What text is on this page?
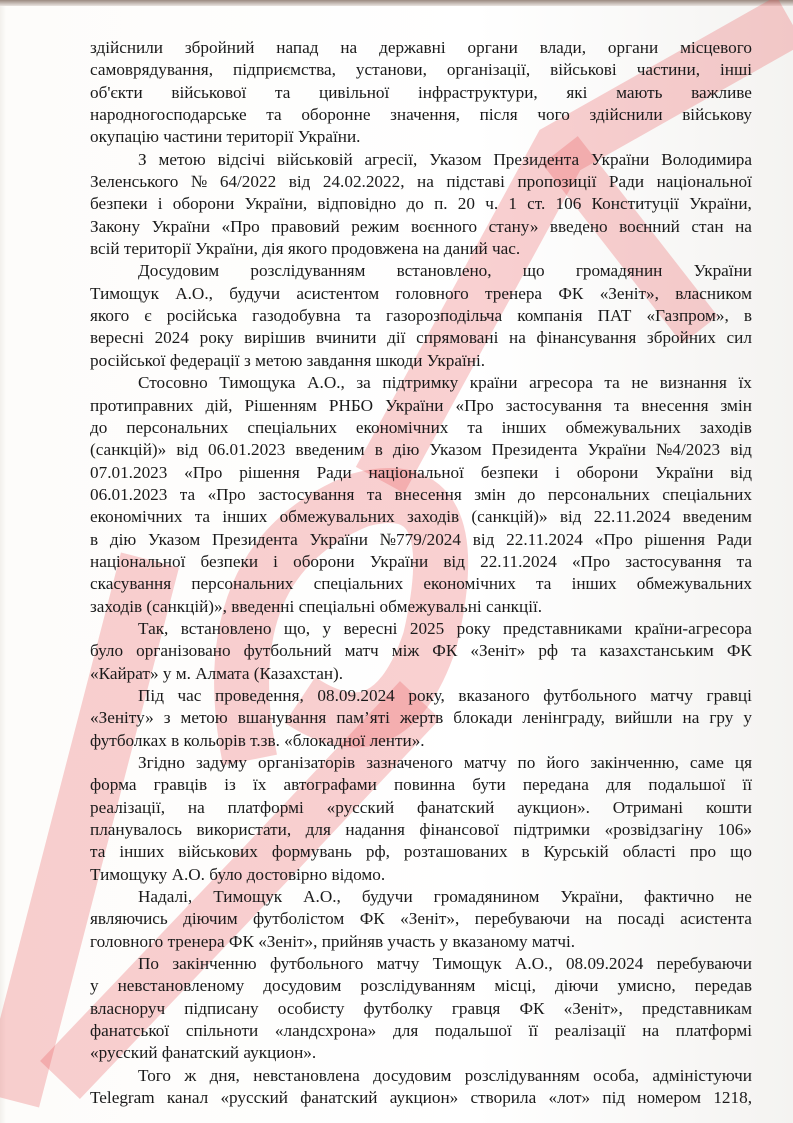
здійснили збройний напад на державні органи влади, органи місцевого
самоврядування, підприємства, установи, організації, військові частини, інші
об'єкти військової та цивільної інфраструктури, які мають важливе
народногосподарське та оборонне значення, після чого здійснили військову
окупацію частини території України.
З метою відсічі військовій агресії, Указом Президента України Володимира
Зеленського № 64/2022 від 24.02.2022, на підставі пропозиції Ради національної
безпеки і оборони України, відповідно до п. 20 ч. 1 ст. 106 Конституції України,
Закону України «Про правовий режим воєнного стану» введено воєнний стан на
всій території України, дія якого продовжена на даний час.
Досудовим розслідуванням встановлено, що громадянин України
Тимощук А.О., будучи асистентом головного тренера ФК «Зеніт», власником
якого є російська газодобувна та газорозподільча компанія ПАТ «Газпром», в
вересні 2024 року вирішив вчинити дії спрямовані на фінансування збройних сил
російської федерації з метою завдання шкоди Україні.
Стосовно Тимощука А.О., за підтримку країни агресора та не визнання їх
протиправних дій, Рішенням РНБО України «Про застосування та внесення змін
до персональних спеціальних економічних та інших обмежувальних заходів
(санкцій)» від 06.01.2023 введеним в дію Указом Президента України №4/2023 від
07.01.2023 «Про рішення Ради національної безпеки і оборони України від
06.01.2023 та «Про застосування та внесення змін до персональних спеціальних
економічних та інших обмежувальних заходів (санкцій)» від 22.11.2024 введеним
в дію Указом Президента України №779/2024 від 22.11.2024 «Про рішення Ради
національної безпеки і оборони України від 22.11.2024 «Про застосування та
скасування персональних спеціальних економічних та інших обмежувальних
заходів (санкцій)», введенні спеціальні обмежувальні санкції.
Так, встановлено що, у вересні 2025 року представниками країни-агресора
було організовано футбольний матч між ФК «Зеніт» рф та казахстанським ФК
«Кайрат» у м. Алмата (Казахстан).
Під час проведення, 08.09.2024 року, вказаного футбольного матчу гравці
«Зеніту» з метою вшанування пам’яті жертв блокади ленінграду, вийшли на гру у
футболках в кольорів т.зв. «блокадної ленти».
Згідно задуму організаторів зазначеного матчу по його закінченню, саме ця
форма гравців із їх автографами повинна бути передана для подальшої її
реалізації, на платформі «русский фанатский аукцион». Отримані кошти
планувалось використати, для надання фінансової підтримки «розвідзагіну 106»
та інших військових формувань рф, розташованих в Курській області про що
Тимощуку А.О. було достовірно відомо.
Надалі, Тимощук А.О., будучи громадянином України, фактично не
являючись діючим футболістом ФК «Зеніт», перебуваючи на посаді асистента
головного тренера ФК «Зеніт», прийняв участь у вказаному матчі.
По закінченню футбольного матчу Тимощук А.О., 08.09.2024 перебуваючи
у невстановленому досудовим розслідуванням місці, діючи умисно, передав
власноруч підписану особисту футболку гравця ФК «Зеніт», представникам
фанатської спільноти «ландсхрона» для подальшої її реалізації на платформі
«русский фанатский аукцион».
Того ж дня, невстановлена досудовим розслідуванням особа, адміністуючи
Telegram канал «русский фанатский аукцион» створила «лот» під номером 1218,
